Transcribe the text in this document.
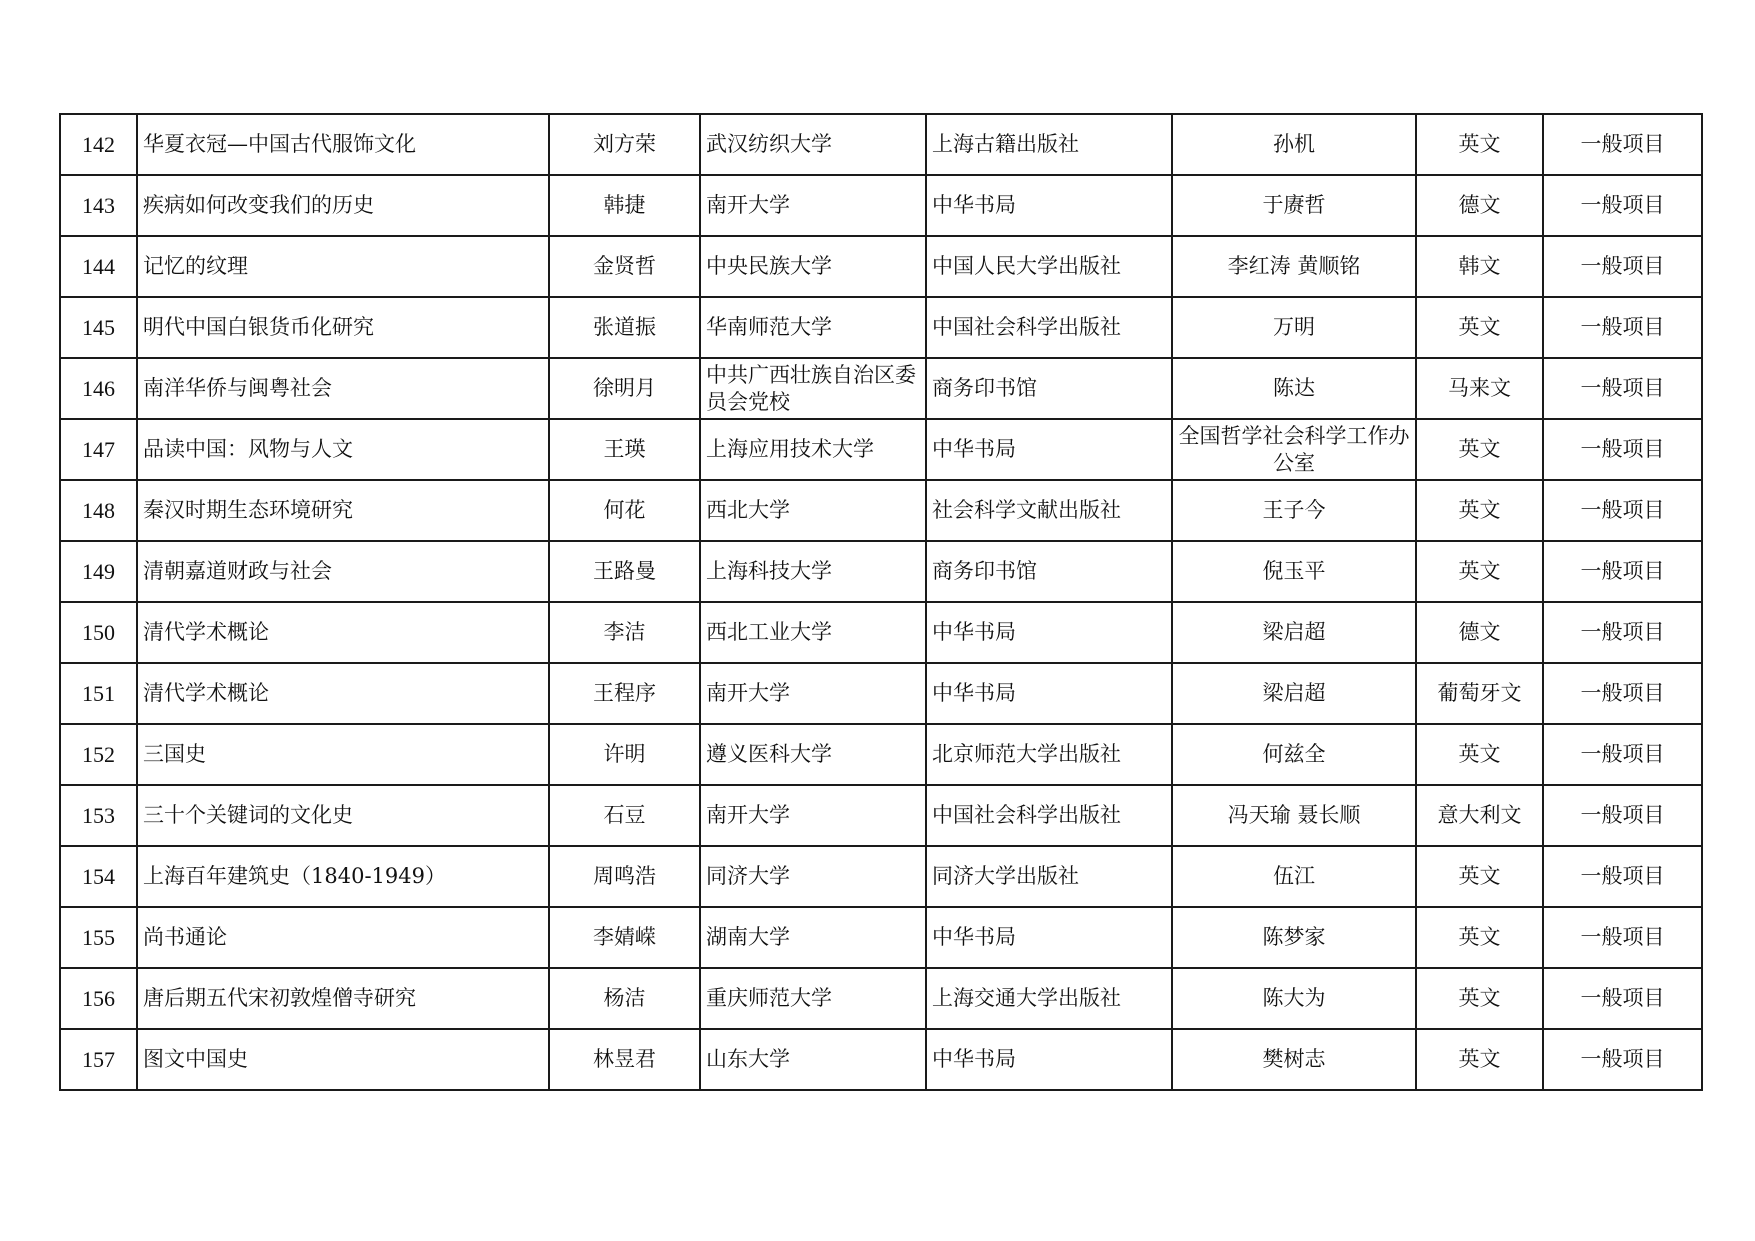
142	华夏衣冠—中国古代服饰文化	刘方荣	武汉纺织大学	上海古籍出版社	孙机	英文	一般项目
143	疾病如何改变我们的历史	韩捷	南开大学	中华书局	于赓哲	德文	一般项目
144	记忆的纹理	金贤哲	中央民族大学	中国人民大学出版社	李红涛 黄顺铭	韩文	一般项目
145	明代中国白银货币化研究	张道振	华南师范大学	中国社会科学出版社	万明	英文	一般项目
146	南洋华侨与闽粤社会	徐明月	中共广西壮族自治区委员会党校	商务印书馆	陈达	马来文	一般项目
147	品读中国：风物与人文	王瑛	上海应用技术大学	中华书局	全国哲学社会科学工作办公室	英文	一般项目
148	秦汉时期生态环境研究	何花	西北大学	社会科学文献出版社	王子今	英文	一般项目
149	清朝嘉道财政与社会	王路曼	上海科技大学	商务印书馆	倪玉平	英文	一般项目
150	清代学术概论	李洁	西北工业大学	中华书局	梁启超	德文	一般项目
151	清代学术概论	王程序	南开大学	中华书局	梁启超	葡萄牙文	一般项目
152	三国史	许明	遵义医科大学	北京师范大学出版社	何兹全	英文	一般项目
153	三十个关键词的文化史	石豆	南开大学	中国社会科学出版社	冯天瑜 聂长顺	意大利文	一般项目
154	上海百年建筑史（1840-1949）	周鸣浩	同济大学	同济大学出版社	伍江	英文	一般项目
155	尚书通论	李婧嵘	湖南大学	中华书局	陈梦家	英文	一般项目
156	唐后期五代宋初敦煌僧寺研究	杨洁	重庆师范大学	上海交通大学出版社	陈大为	英文	一般项目
157	图文中国史	林昱君	山东大学	中华书局	樊树志	英文	一般项目
